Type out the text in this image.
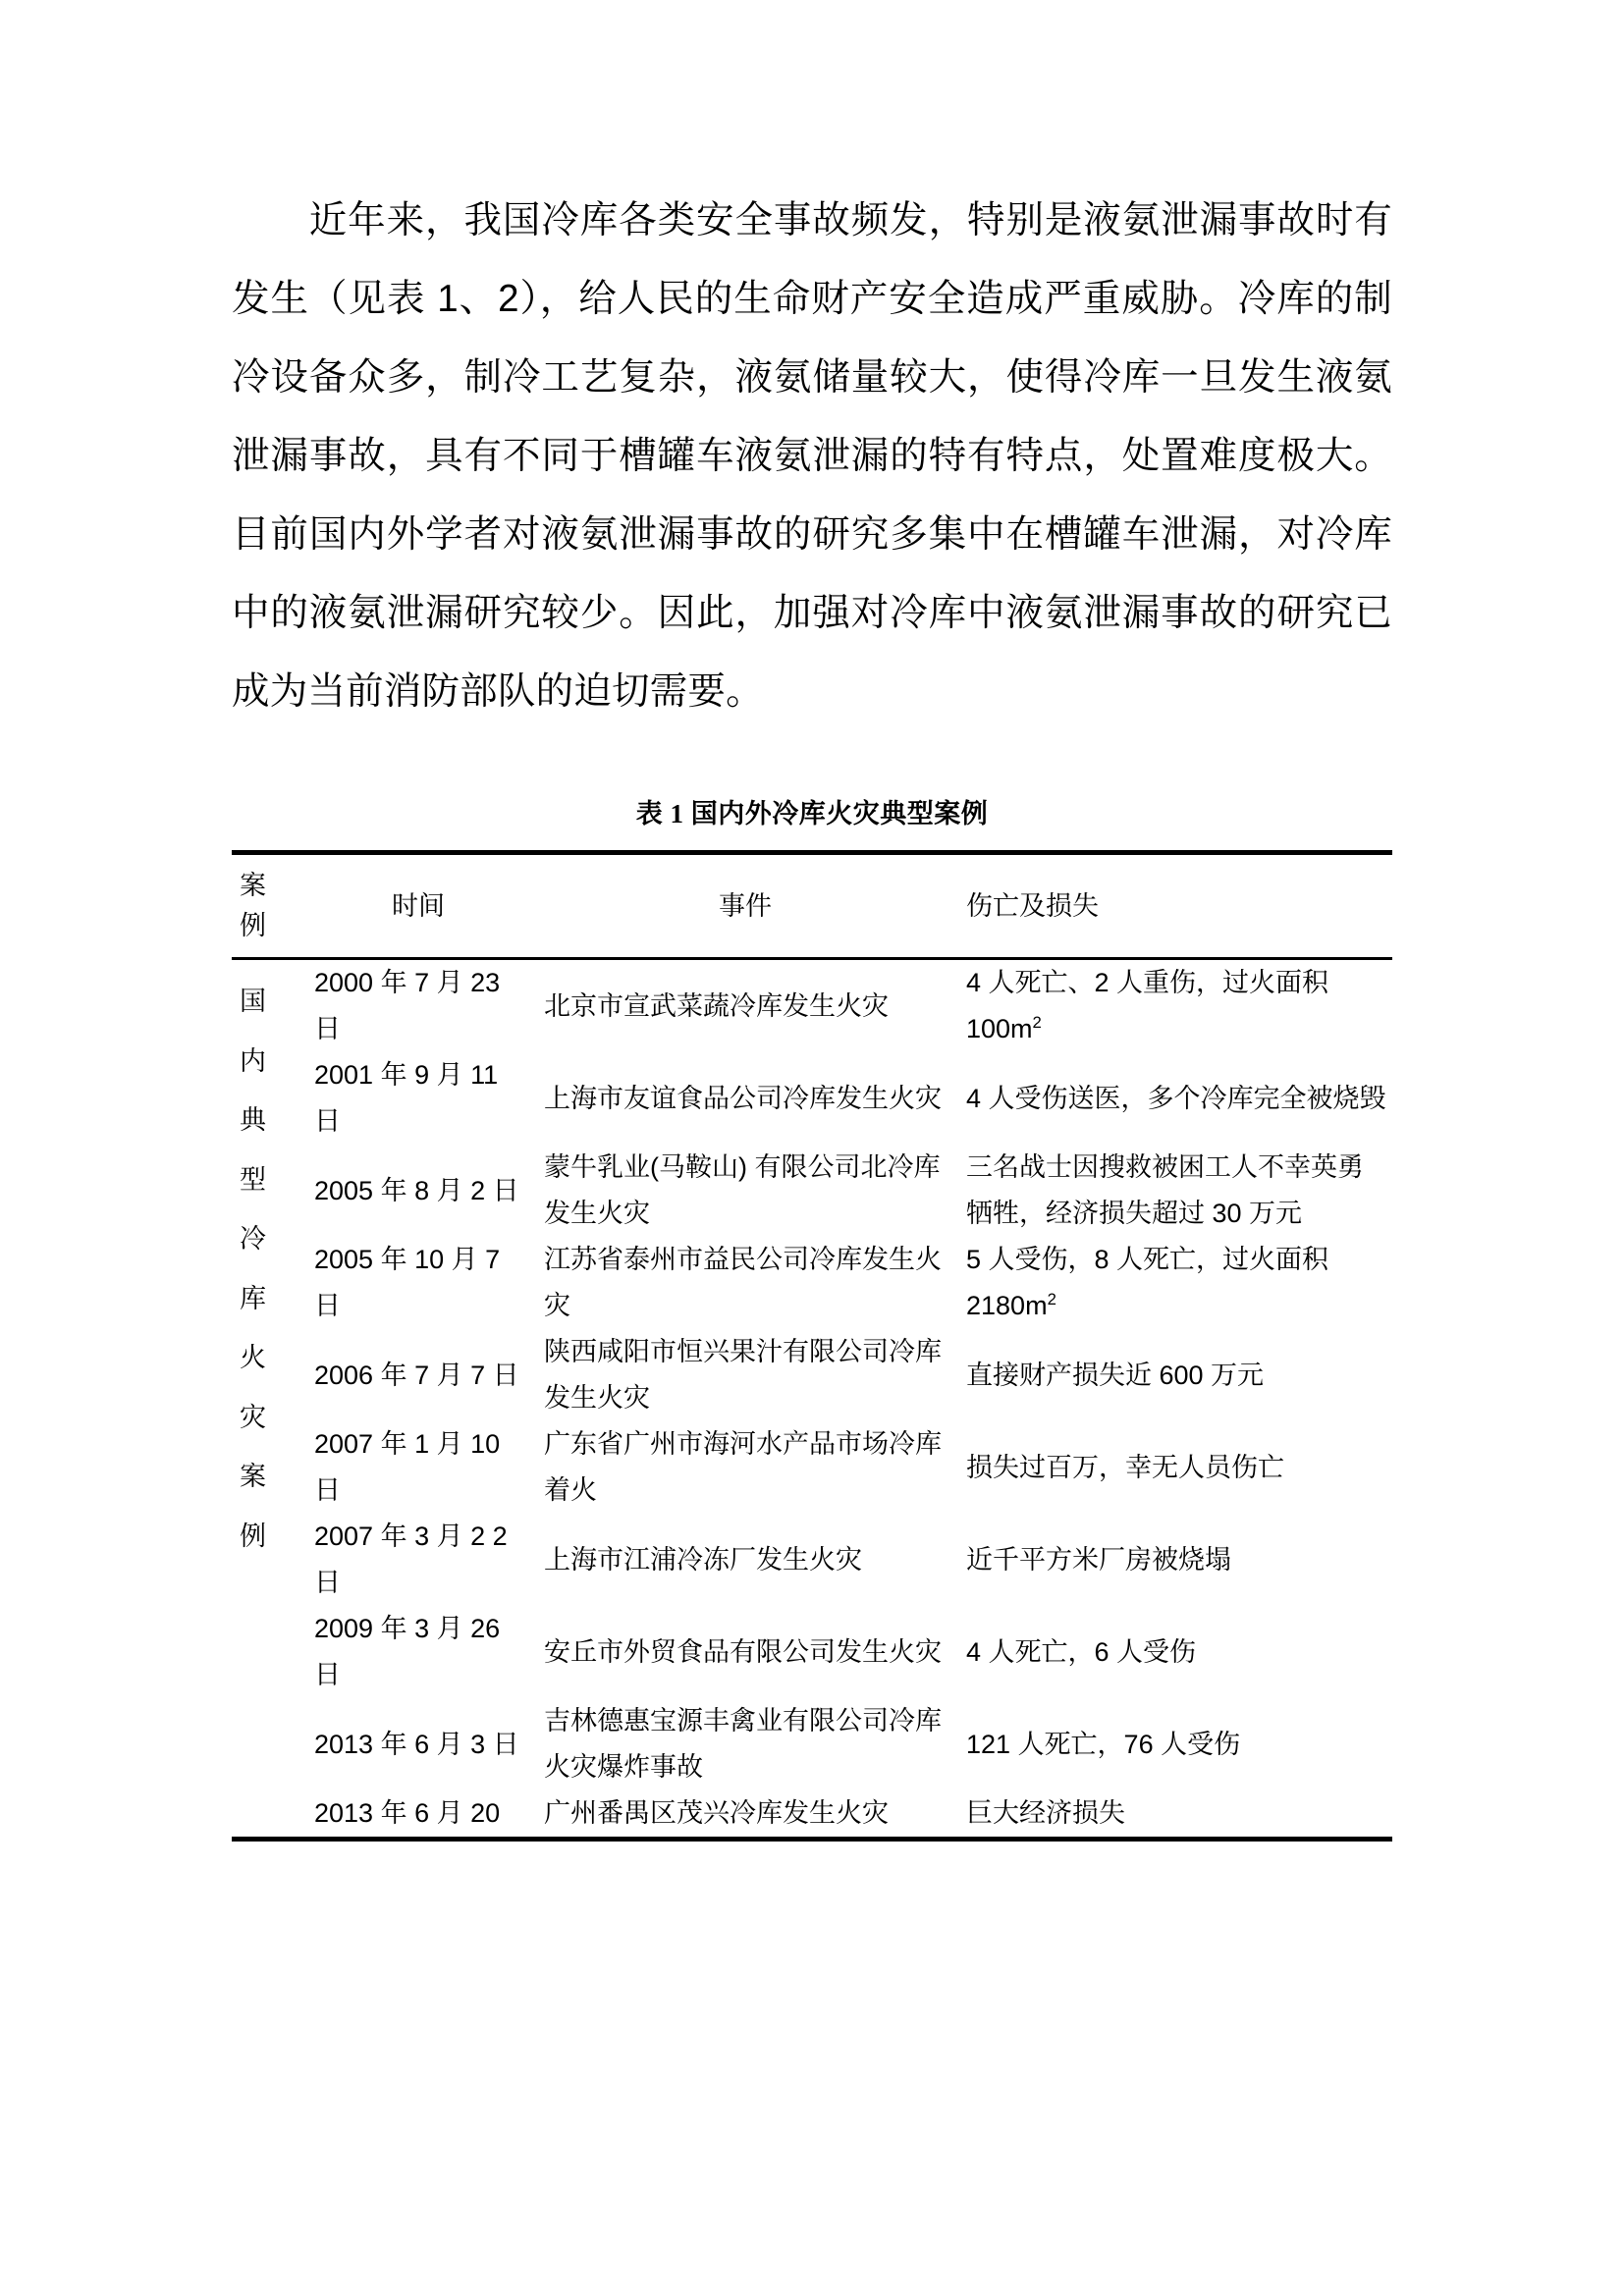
近年来，我国冷库各类安全事故频发，特别是液氨泄漏事故时有发生（见表 1、2），给人民的生命财产安全造成严重威胁。冷库的制冷设备众多，制冷工艺复杂，液氨储量较大，使得冷库一旦发生液氨泄漏事故，具有不同于槽罐车液氨泄漏的特有特点，处置难度极大。目前国内外学者对液氨泄漏事故的研究多集中在槽罐车泄漏，对冷库中的液氨泄漏研究较少。因此，加强对冷库中液氨泄漏事故的研究已成为当前消防部队的迫切需要。

表 1 国内外冷库火灾典型案例
案
例	时间	事件	伤亡及损失

国
内
典
型
冷
库
火
灾
案
例
	2000 年 7 月 23 日	北京市宣武菜蔬冷库发生火灾	4 人死亡、2 人重伤，过火面积 $100m^2$
	2001 年 9 月 11 日	上海市友谊食品公司冷库发生火灾	4 人受伤送医，多个冷库完全被烧毁
	2005 年 8 月 2 日	蒙牛乳业(马鞍山) 有限公司北冷库发生火灾	三名战士因搜救被困工人不幸英勇牺牲，经济损失超过 30 万元
	2005 年 10 月 7 日	江苏省泰州市益民公司冷库发生火灾	5 人受伤，8 人死亡，过火面积 $2180m^2$
	2006 年 7 月 7 日	陕西咸阳市恒兴果汁有限公司冷库发生火灾	直接财产损失近 600 万元
	2007 年 1 月 10 日	广东省广州市海河水产品市场冷库着火	损失过百万，幸无人员伤亡
	2007 年 3 月 2 2 日	上海市江浦冷冻厂发生火灾	近千平方米厂房被烧塌
	2009 年 3 月 26 日	安丘市外贸食品有限公司发生火灾	4 人死亡，6 人受伤
	2013 年 6 月 3 日	吉林德惠宝源丰禽业有限公司冷库火灾爆炸事故	121 人死亡，76 人受伤
	2013 年 6 月 20	广州番禺区茂兴冷库发生火灾	巨大经济损失
